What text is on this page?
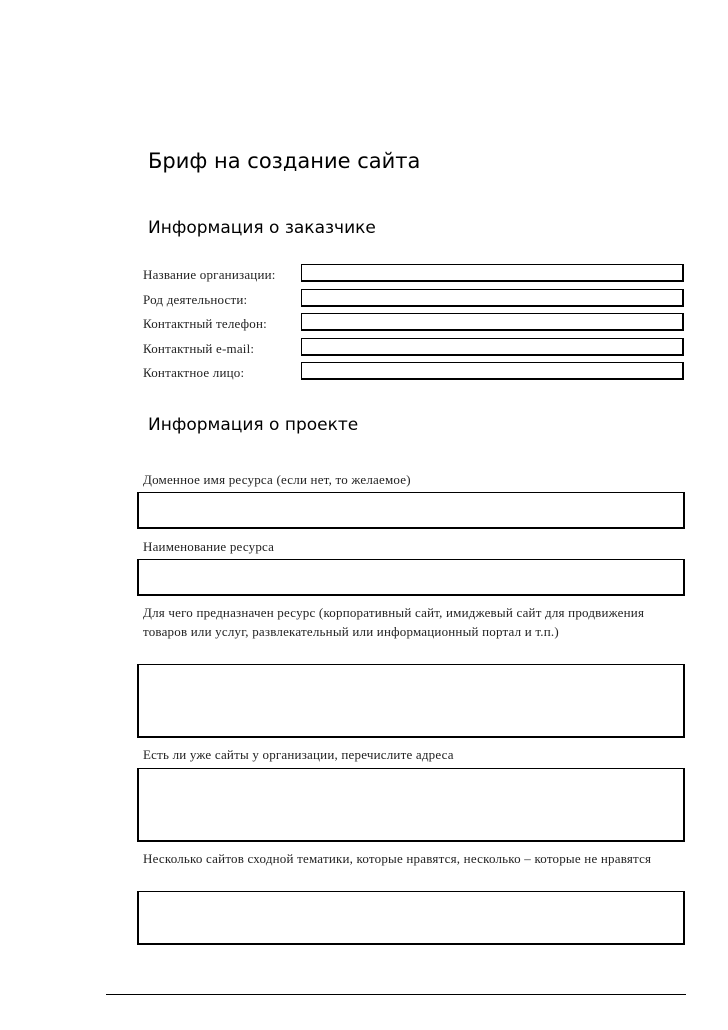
Бриф на создание сайта
Информация о заказчике
Название организации:
Род деятельности:
Контактный телефон:
Контактный e-mail:
Контактное лицо:
Информация о проекте
Доменное имя ресурса (если нет, то желаемое)
Наименование ресурса
Для чего предназначен ресурс (корпоративный сайт, имиджевый сайт для продвижения товаров или услуг, развлекательный или информационный портал и т.п.)
Есть ли уже сайты у организации, перечислите адреса
Несколько сайтов сходной тематики, которые нравятся, несколько – которые не нравятся
